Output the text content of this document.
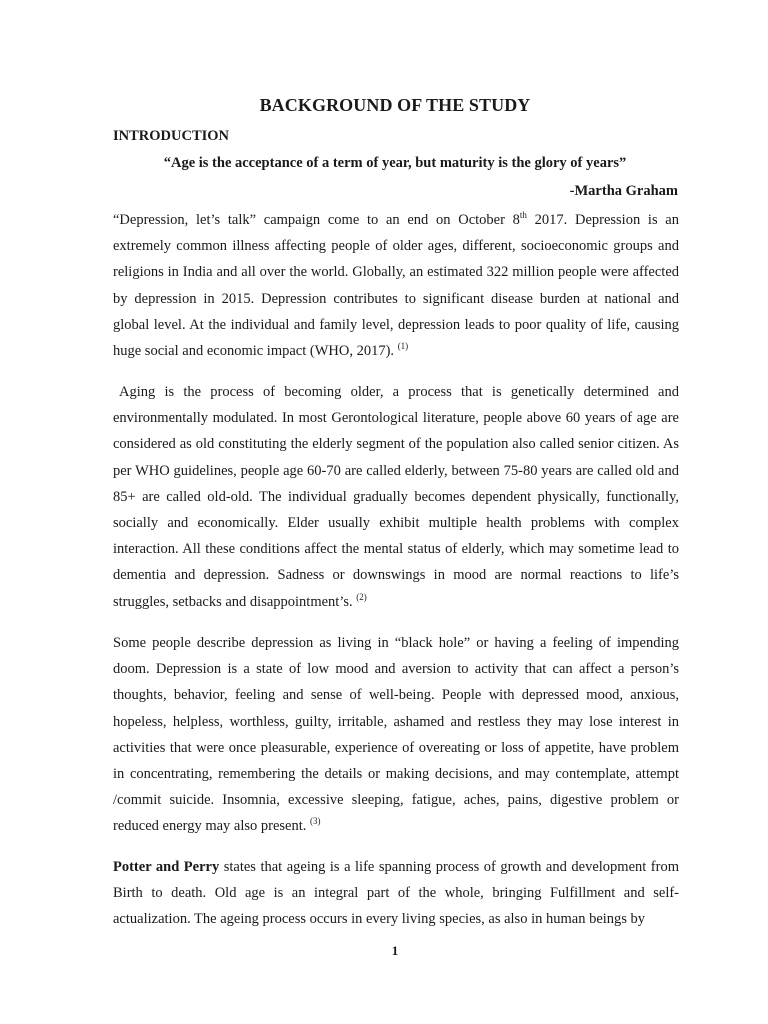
BACKGROUND OF THE STUDY
INTRODUCTION
“Age is the acceptance of a term of year, but maturity is the glory of years”
-Martha Graham

“Depression, let’s talk” campaign come to an end on October 8th 2017. Depression is an extremely common illness affecting people of older ages, different, socioeconomic groups and religions in India and all over the world. Globally, an estimated 322 million people were affected by depression in 2015. Depression contributes to significant disease burden at national and global level. At the individual and family level, depression leads to poor quality of life, causing huge social and economic impact (WHO, 2017). $^{(1)}$

Aging is the process of becoming older, a process that is genetically determined and environmentally modulated. In most Gerontological literature, people above 60 years of age are considered as old constituting the elderly segment of the population also called senior citizen. As per WHO guidelines, people age 60-70 are called elderly, between 75-80 years are called old and 85+ are called old-old. The individual gradually becomes dependent physically, functionally, socially and economically. Elder usually exhibit multiple health problems with complex interaction. All these conditions affect the mental status of elderly, which may sometime lead to dementia and depression. Sadness or downswings in mood are normal reactions to life’s struggles, setbacks and disappointment’s. $^{(2)}$

Some people describe depression as living in “black hole” or having a feeling of impending doom. Depression is a state of low mood and aversion to activity that can affect a person’s thoughts, behavior, feeling and sense of well-being. People with depressed mood, anxious, hopeless, helpless, worthless, guilty, irritable, ashamed and restless they may lose interest in activities that were once pleasurable, experience of overeating or loss of appetite, have problem in concentrating, remembering the details or making decisions, and may contemplate, attempt /commit suicide. Insomnia, excessive sleeping, fatigue, aches, pains, digestive problem or reduced energy may also present. $^{(3)}$

Potter and Perry states that ageing is a life spanning process of growth and development from Birth to death. Old age is an integral part of the whole, bringing Fulfillment and self-actualization. The ageing process occurs in every living species, as also in human beings by

1
